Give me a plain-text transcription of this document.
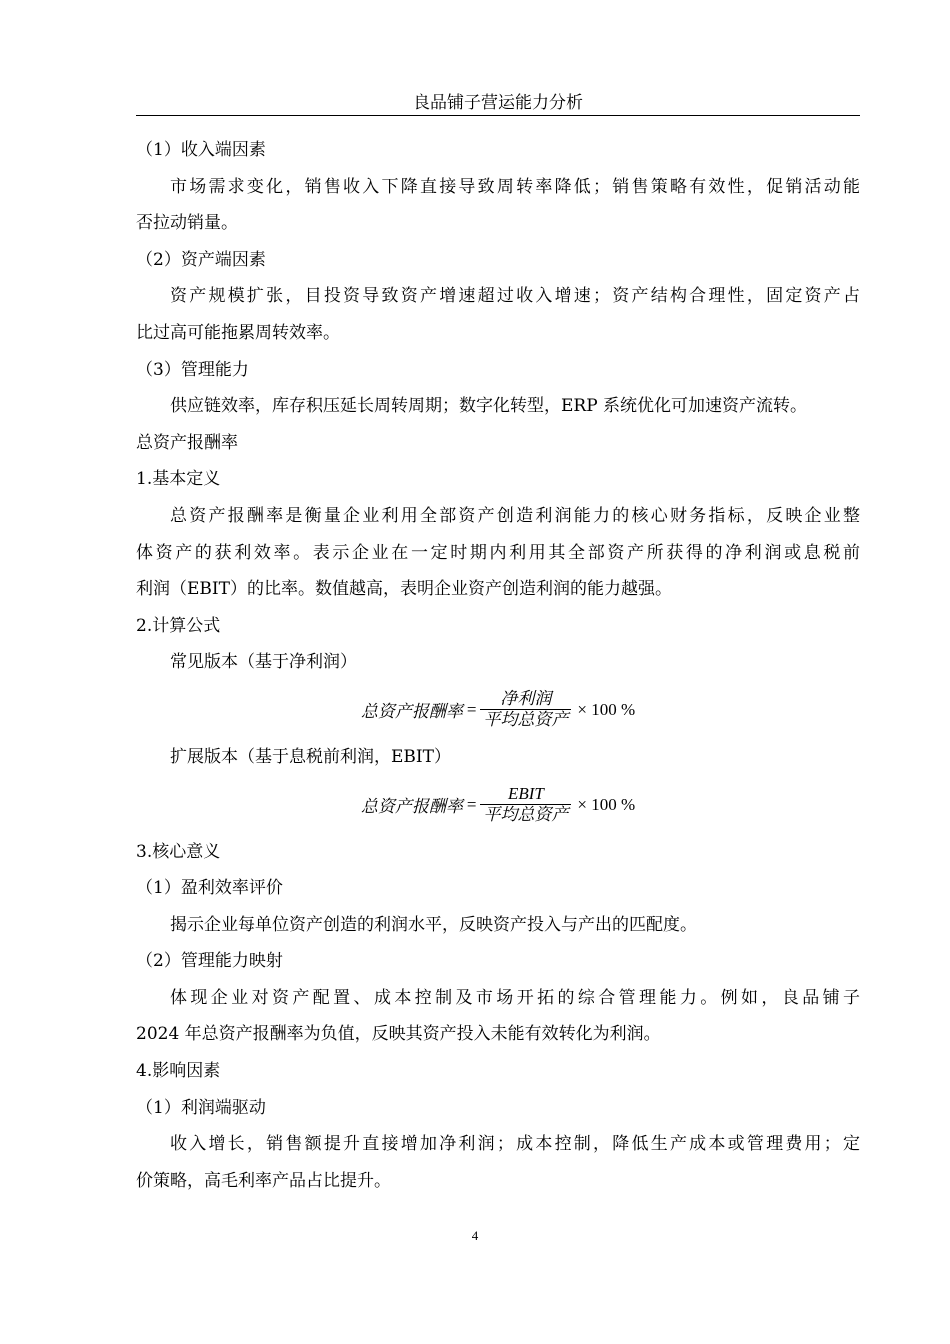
良品铺子营运能力分析
（1）收入端因素
市场需求变化，销售收入下降直接导致周转率降低；销售策略有效性，促销活动能
否拉动销量。
（2）资产端因素
资产规模扩张，目投资导致资产增速超过收入增速；资产结构合理性，固定资产占
比过高可能拖累周转效率。
（3）管理能力
供应链效率，库存积压延长周转周期；数字化转型，ERP 系统优化可加速资产流转。
总资产报酬率
1.基本定义
总资产报酬率是衡量企业利用全部资产创造利润能力的核心财务指标，反映企业整
体资产的获利效率。表示企业在一定时期内利用其全部资产所获得的净利润或息税前
利润（EBIT）的比率。数值越高，表明企业资产创造利润的能力越强。
2.计算公式
常见版本（基于净利润）
总资产报酬率 = $\frac{\text{净利润}}{\text{平均总资产}} \times 100$ %
扩展版本（基于息税前利润，EBIT）
总资产报酬率 = $\frac{\text{EBIT}}{\text{平均总资产}} \times 100$ %
3.核心意义
（1）盈利效率评价
揭示企业每单位资产创造的利润水平，反映资产投入与产出的匹配度。
（2）管理能力映射
体现企业对资产配置、成本控制及市场开拓的综合管理能力。例如，良品铺子
2024 年总资产报酬率为负值，反映其资产投入未能有效转化为利润。
4.影响因素
（1）利润端驱动
收入增长，销售额提升直接增加净利润；成本控制，降低生产成本或管理费用；定
价策略，高毛利率产品占比提升。
4
